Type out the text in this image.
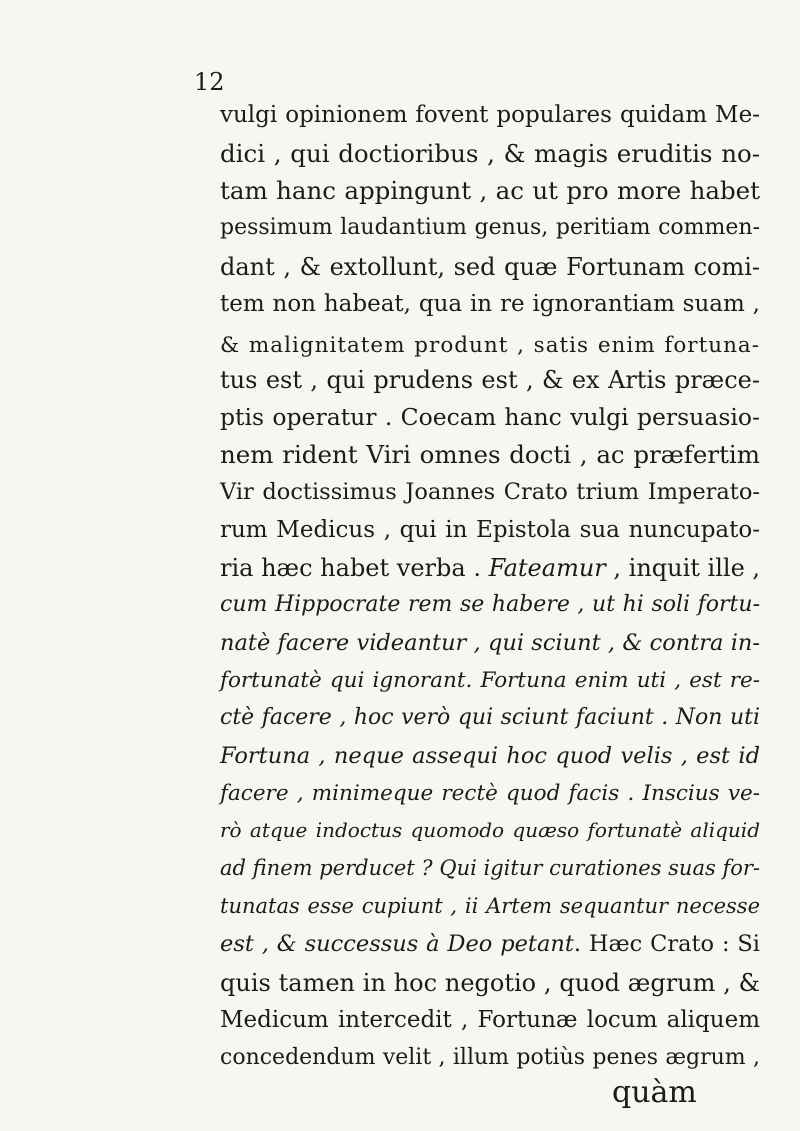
12
vulgi opinionem fovent populares quidam Me-
dici , qui doctioribus , & magis eruditis no-
tam hanc appingunt , ac ut pro more habet
pessimum laudantium genus, peritiam commen-
dant , & extollunt, sed quæ Fortunam comi-
tem non habeat, qua in re ignorantiam suam ,
& malignitatem produnt , satis enim fortuna-
tus est , qui prudens est , & ex Artis præce-
ptis operatur . Coecam hanc vulgi persuasio-
nem rident Viri omnes docti , ac præfertim
Vir doctissimus Joannes Crato trium Imperato-
rum Medicus , qui in Epistola sua nuncupato-
ria hæc habet verba . Fateamur , inquit ille ,
cum Hippocrate rem se habere , ut hi soli fortu-
natè facere videantur , qui sciunt , & contra in-
fortunatè qui ignorant. Fortuna enim uti , est re-
ctè facere , hoc verò qui sciunt faciunt . Non uti
Fortuna , neque assequi hoc quod velis , est id
facere , minimeque rectè quod facis . Inscius ve-
rò atque indoctus quomodo quæso fortunatè aliquid
ad finem perducet ? Qui igitur curationes suas for-
tunatas esse cupiunt , ii Artem sequantur necesse
est , & successus à Deo petant. Hæc Crato : Si
quis tamen in hoc negotio , quod ægrum , &
Medicum intercedit , Fortunæ locum aliquem
concedendum velit , illum potiùs penes ægrum ,
quàm
